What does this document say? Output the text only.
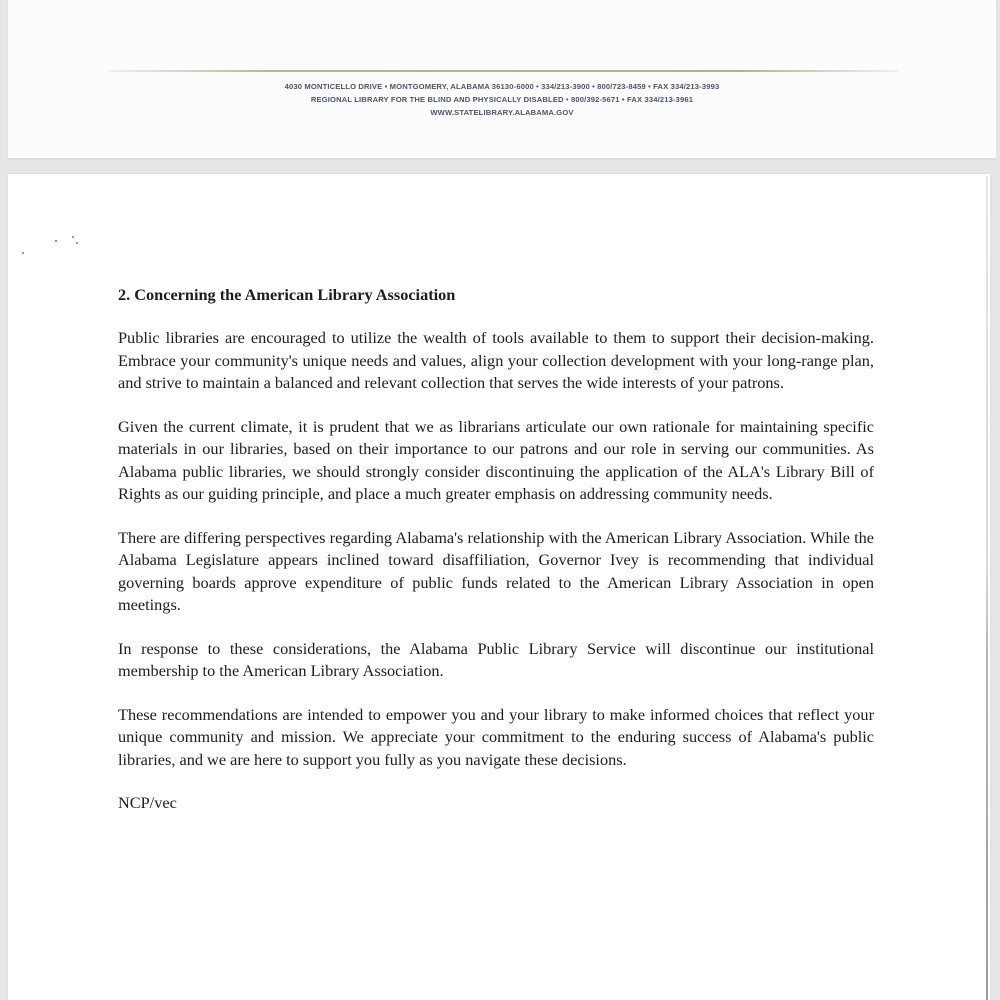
4030 MONTICELLO DRIVE • MONTGOMERY, ALABAMA 36130-6000 • 334/213-3900 • 800/723-8459 • FAX 334/213-3993
REGIONAL LIBRARY FOR THE BLIND AND PHYSICALLY DISABLED • 800/392-5671 • FAX 334/213-3961
WWW.STATELIBRARY.ALABAMA.GOV
2. Concerning the American Library Association

Public libraries are encouraged to utilize the wealth of tools available to them to support their decision-making. Embrace your community's unique needs and values, align your collection development with your long-range plan, and strive to maintain a balanced and relevant collection that serves the wide interests of your patrons.

Given the current climate, it is prudent that we as librarians articulate our own rationale for maintaining specific materials in our libraries, based on their importance to our patrons and our role in serving our communities. As Alabama public libraries, we should strongly consider discontinuing the application of the ALA's Library Bill of Rights as our guiding principle, and place a much greater emphasis on addressing community needs.

There are differing perspectives regarding Alabama's relationship with the American Library Association. While the Alabama Legislature appears inclined toward disaffiliation, Governor Ivey is recommending that individual governing boards approve expenditure of public funds related to the American Library Association in open meetings.

In response to these considerations, the Alabama Public Library Service will discontinue our institutional membership to the American Library Association.

These recommendations are intended to empower you and your library to make informed choices that reflect your unique community and mission. We appreciate your commitment to the enduring success of Alabama's public libraries, and we are here to support you fully as you navigate these decisions.

NCP/vec
